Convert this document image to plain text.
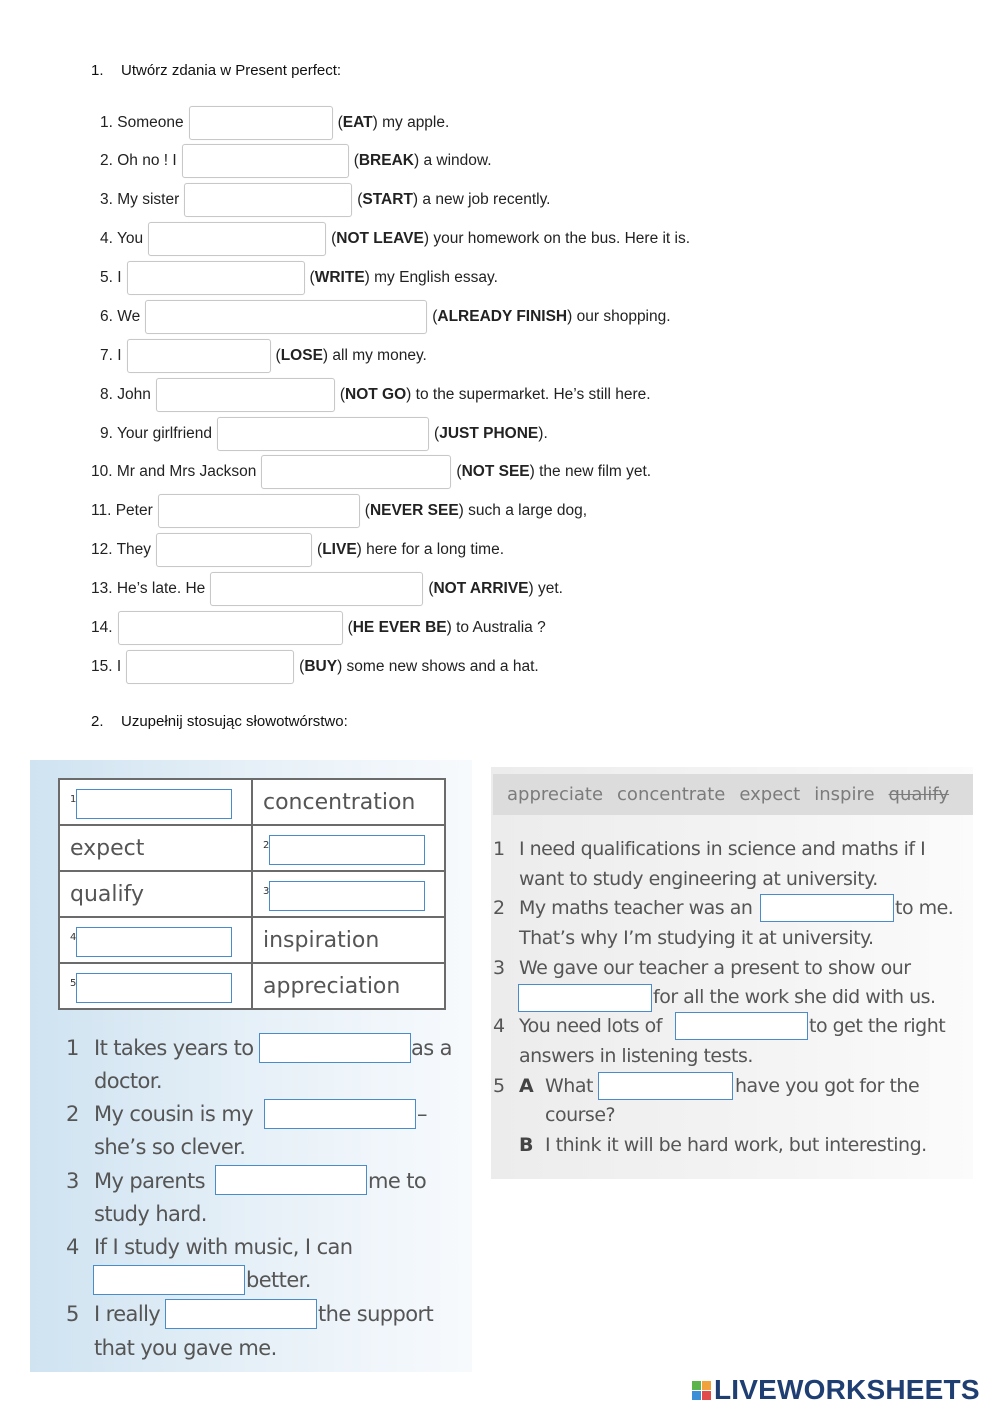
1. Utwórz zdania w Present perfect:
1. Someone	(EAT) my apple.
2. Oh no ! I	(BREAK) a window.
3. My sister	(START) a new job recently.
4. You	(NOT LEAVE) your homework on the bus. Here it is.
5. I	(WRITE) my English essay.
6. We	(ALREADY FINISH) our shopping.
7. I	(LOSE) all my money.
8. John	(NOT GO) to the supermarket. He’s still here.
9. Your girlfriend	(JUST PHONE).
10. Mr and Mrs Jackson	(NOT SEE) the new film yet.
11. Peter	(NEVER SEE) such a large dog,
12. They	(LIVE) here for a long time.
13. He’s late. He	(NOT ARRIVE) yet.
14.	(HE EVER BE) to Australia ?
15. I	(BUY) some new shows and a hat.
2. Uzupełnij stosując słowotwórstwo:
1	concentration
expect	2

qualify	3

4	inspiration

5	appreciation
1 It takes years to	as a
doctor.
2 My cousin is my	–
she’s so clever.
3 My parents	me to
study hard.
4 If I study with music, I can
better.
5 I really	the support
that you gave me.
appreciate concentrate expect inspire qualify
1 I need qualifications in science and maths if I
want to study engineering at university.
2 My maths teacher was an	to me.
That’s why I’m studying it at university.
3 We gave our teacher a present to show our
for all the work she did with us.
4 You need lots of	to get the right
answers in listening tests.
5 A What	have you got for the
course?
B I think it will be hard work, but interesting.
LIVEWORKSHEETS
